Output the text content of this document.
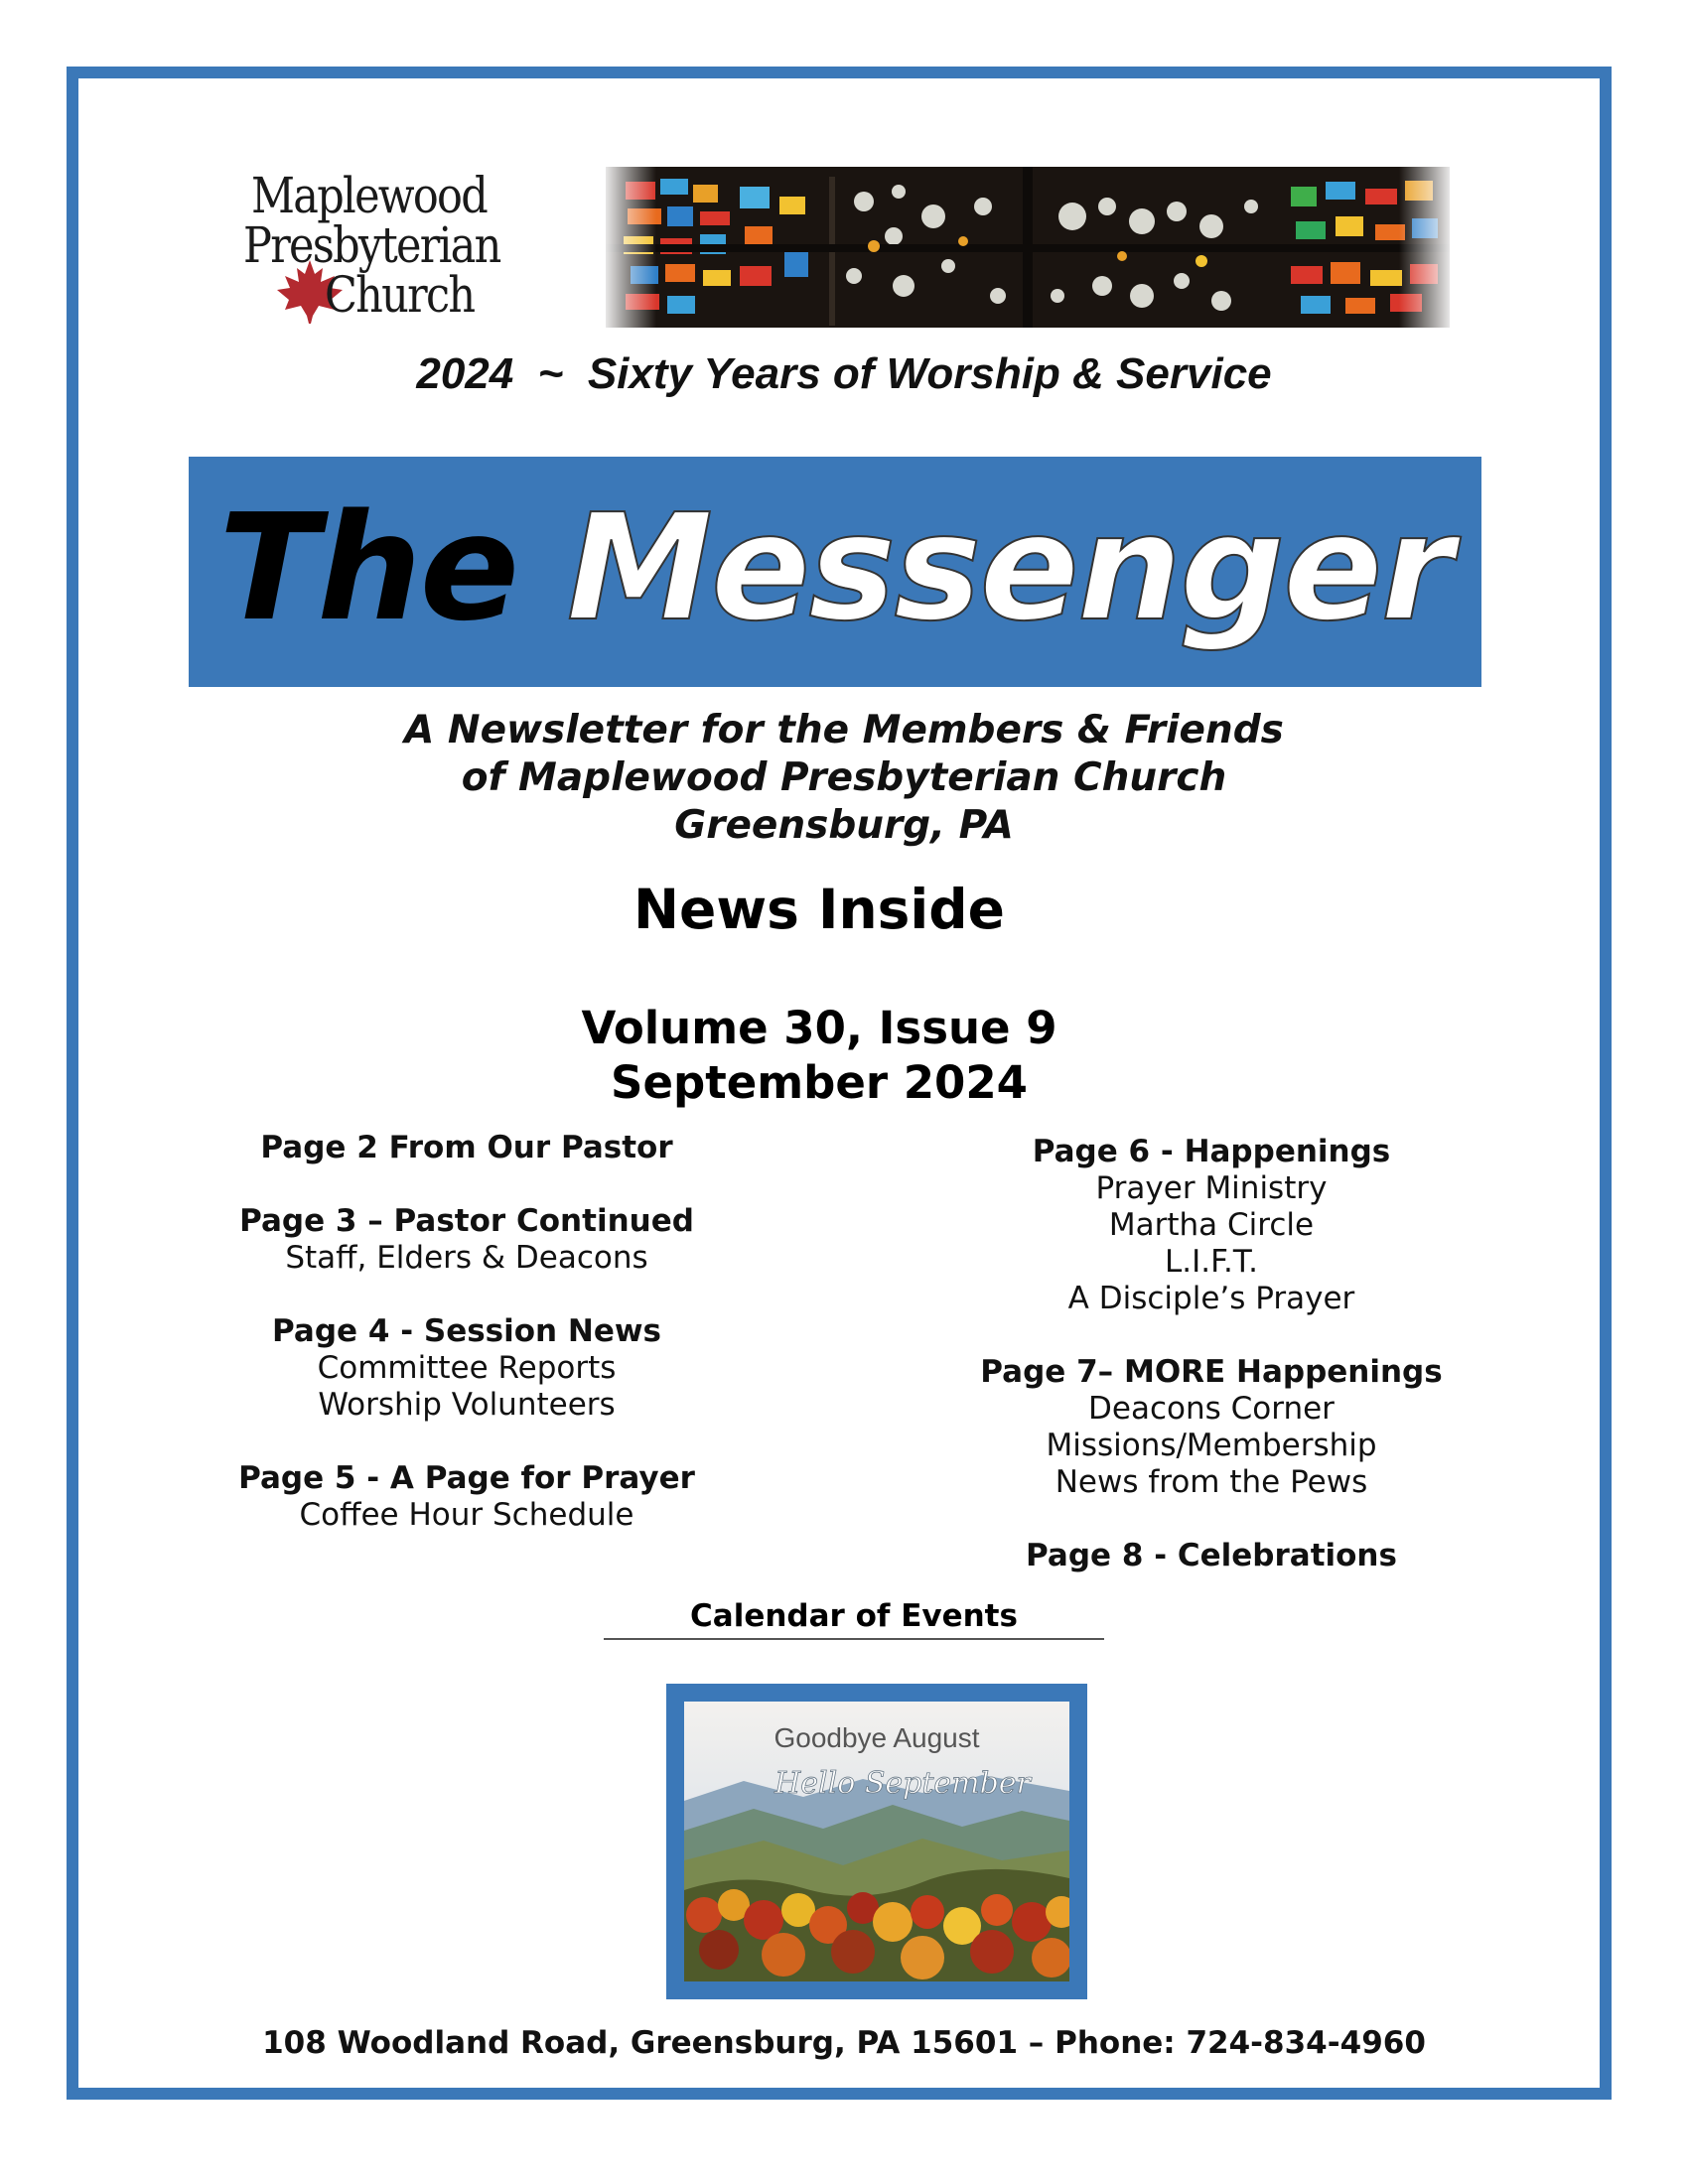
Maplewood
Presbyterian
Church
2024  ~  Sixty Years of Worship & Service
The Messenger
A Newsletter for the Members & Friends
of Maplewood Presbyterian Church
Greensburg, PA
News Inside
Volume 30, Issue 9
September 2024
Page 2 From Our Pastor
Page 3 – Pastor Continued
Staff, Elders & Deacons
Page 4 - Session News
Committee Reports
Worship Volunteers
Page 5 - A Page for Prayer
Coffee Hour Schedule
Page 6 - Happenings
Prayer Ministry
Martha Circle
L.I.F.T.
A Disciple’s Prayer
Page 7– MORE Happenings
Deacons Corner
Missions/Membership
News from the Pews
Page 8 - Celebrations
Calendar of Events
Goodbye August
Hello September
108 Woodland Road, Greensburg, PA 15601 – Phone: 724-834-4960
